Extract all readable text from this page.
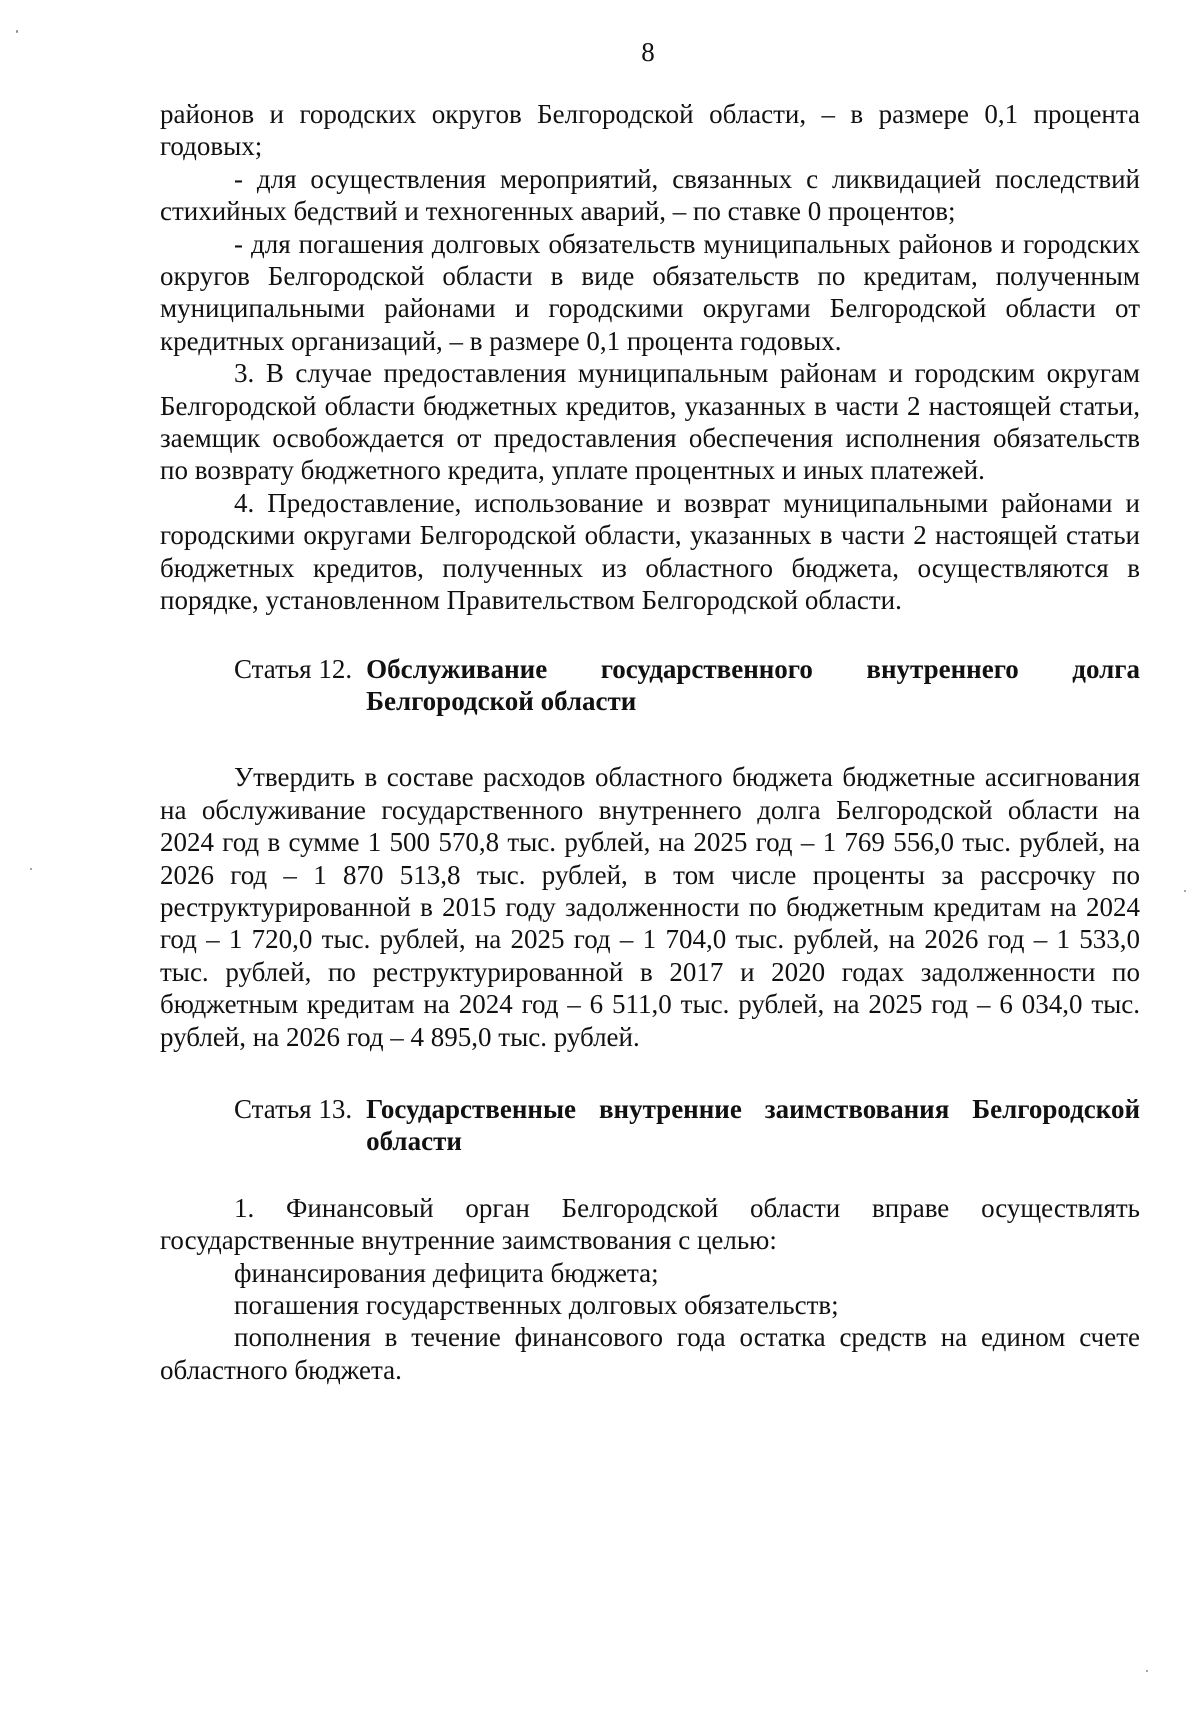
8

районов и городских округов Белгородской области, – в размере 0,1 процента годовых;

- для осуществления мероприятий, связанных с ликвидацией последствий стихийных бедствий и техногенных аварий, – по ставке 0 процентов;

- для погашения долговых обязательств муниципальных районов и городских округов Белгородской области в виде обязательств по кредитам, полученным муниципальными районами и городскими округами Белгородской области от кредитных организаций, – в размере 0,1 процента годовых.

3. В случае предоставления муниципальным районам и городским округам Белгородской области бюджетных кредитов, указанных в части 2 настоящей статьи, заемщик освобождается от предоставления обеспечения исполнения обязательств по возврату бюджетного кредита, уплате процентных и иных платежей.

4. Предоставление, использование и возврат муниципальными районами и городскими округами Белгородской области, указанных в части 2 настоящей статьи бюджетных кредитов, полученных из областного бюджета, осуществляются в порядке, установленном Правительством Белгородской области.

Статья 12. Обслуживание государственного внутреннего долга Белгородской области

Утвердить в составе расходов областного бюджета бюджетные ассигнования на обслуживание государственного внутреннего долга Белгородской области на 2024 год в сумме 1 500 570,8 тыс. рублей, на 2025 год – 1 769 556,0 тыс. рублей, на 2026 год – 1 870 513,8 тыс. рублей, в том числе проценты за рассрочку по реструктурированной в 2015 году задолженности по бюджетным кредитам на 2024 год – 1 720,0 тыс. рублей, на 2025 год – 1 704,0 тыс. рублей, на 2026 год – 1 533,0 тыс. рублей, по реструктурированной в 2017 и 2020 годах задолженности по бюджетным кредитам на 2024 год – 6 511,0 тыс. рублей, на 2025 год – 6 034,0 тыс. рублей, на 2026 год – 4 895,0 тыс. рублей.

Статья 13. Государственные внутренние заимствования Белгородской области

1. Финансовый орган Белгородской области вправе осуществлять государственные внутренние заимствования с целью:

финансирования дефицита бюджета;

погашения государственных долговых обязательств;

пополнения в течение финансового года остатка средств на едином счете областного бюджета.
